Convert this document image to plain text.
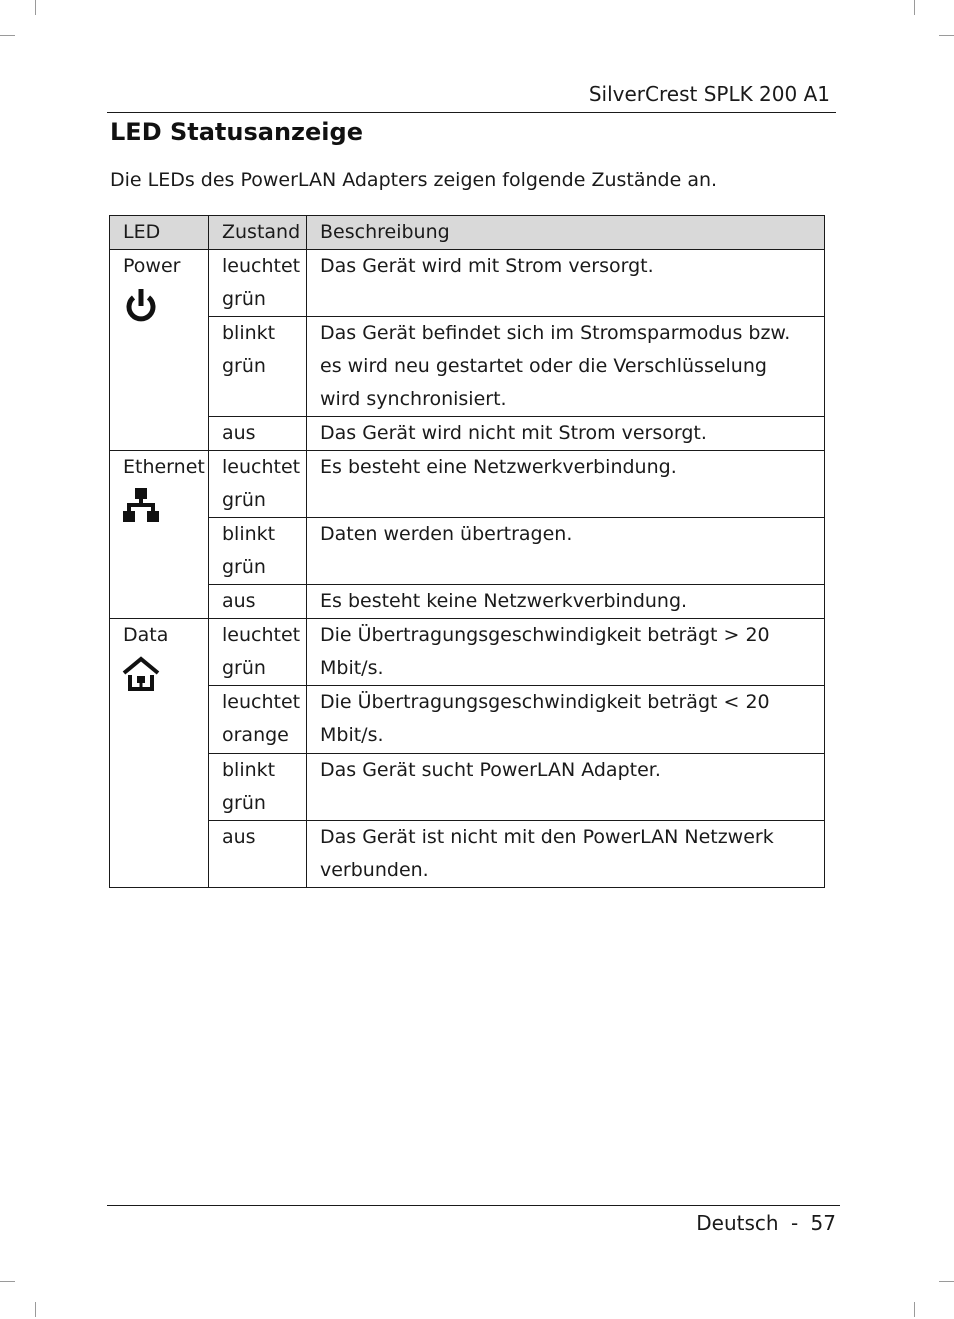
SilverCrest SPLK 200 A1
LED Statusanzeige

Die LEDs des PowerLAN Adapters zeigen folgende Zustände an.

LED	Zustand	Beschreibung
Power	leuchtet grün	Das Gerät wird mit Strom versorgt.
	blinkt grün	Das Gerät befindet sich im Stromsparmodus bzw. es wird neu gestartet oder die Verschlüsselung wird synchronisiert.
	aus	Das Gerät wird nicht mit Strom versorgt.
Ethernet	leuchtet grün	Es besteht eine Netzwerkverbindung.
	blinkt grün	Daten werden übertragen.
	aus	Es besteht keine Netzwerkverbindung.
Data	leuchtet grün	Die Übertragungsgeschwindigkeit beträgt > 20 Mbit/s.
	leuchtet orange	Die Übertragungsgeschwindigkeit beträgt < 20 Mbit/s.
	blinkt grün	Das Gerät sucht PowerLAN Adapter.
	aus	Das Gerät ist nicht mit den PowerLAN Netzwerk verbunden.
Deutsch - 57
